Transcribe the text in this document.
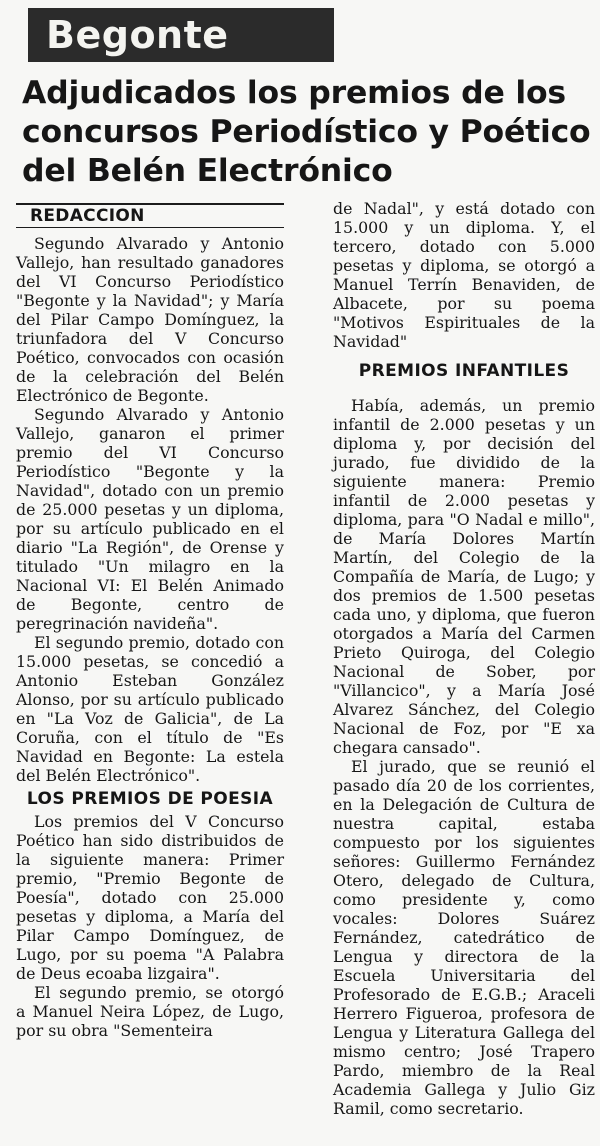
Begonte
Adjudicados los premios de los concursos Periodístico y Poético del Belén Electrónico
REDACCION

Segundo Alvarado y Antonio Vallejo, han resultado ganadores del VI Concurso Periodístico "Begonte y la Navidad"; y María del Pilar Campo Domínguez, la triunfadora del V Concurso Poético, convocados con ocasión de la celebración del Belén Electrónico de Begonte.

Segundo Alvarado y Antonio Vallejo, ganaron el primer premio del VI Concurso Periodístico "Begonte y la Navidad", dotado con un premio de 25.000 pesetas y un diploma, por su artículo publicado en el diario "La Región", de Orense y titulado "Un milagro en la Nacional VI: El Belén Animado de Begonte, centro de peregrinación navideña".

El segundo premio, dotado con 15.000 pesetas, se concedió a Antonio Esteban González Alonso, por su artículo publicado en "La Voz de Galicia", de La Coruña, con el título de "Es Navidad en Begonte: La estela del Belén Electrónico".

LOS PREMIOS DE POESIA

Los premios del V Concurso Poético han sido distribuidos de la siguiente manera: Primer premio, "Premio Begonte de Poesía", dotado con 25.000 pesetas y diploma, a María del Pilar Campo Domínguez, de Lugo, por su poema "A Palabra de Deus ecoaba lizgaira".

El segundo premio, se otorgó a Manuel Neira López, de Lugo, por su obra "Sementeira

de Nadal", y está dotado con 15.000 y un diploma. Y, el tercero, dotado con 5.000 pesetas y diploma, se otorgó a Manuel Terrín Benaviden, de Albacete, por su poema "Motivos Espirituales de la Navidad"

PREMIOS INFANTILES

Había, además, un premio infantil de 2.000 pesetas y un diploma y, por decisión del jurado, fue dividido de la siguiente manera: Premio infantil de 2.000 pesetas y diploma, para "O Nadal e millo", de María Dolores Martín Martín, del Colegio de la Compañía de María, de Lugo; y dos premios de 1.500 pesetas cada uno, y diploma, que fueron otorgados a María del Carmen Prieto Quiroga, del Colegio Nacional de Sober, por "Villancico", y a María José Alvarez Sánchez, del Colegio Nacional de Foz, por "E xa chegara cansado".

El jurado, que se reunió el pasado día 20 de los corrientes, en la Delegación de Cultura de nuestra capital, estaba compuesto por los siguientes señores: Guillermo Fernández Otero, delegado de Cultura, como presidente y, como vocales: Dolores Suárez Fernández, catedrático de Lengua y directora de la Escuela Universitaria del Profesorado de E.G.B.; Araceli Herrero Figueroa, profesora de Lengua y Literatura Gallega del mismo centro; José Trapero Pardo, miembro de la Real Academia Gallega y Julio Giz Ramil, como secretario.
